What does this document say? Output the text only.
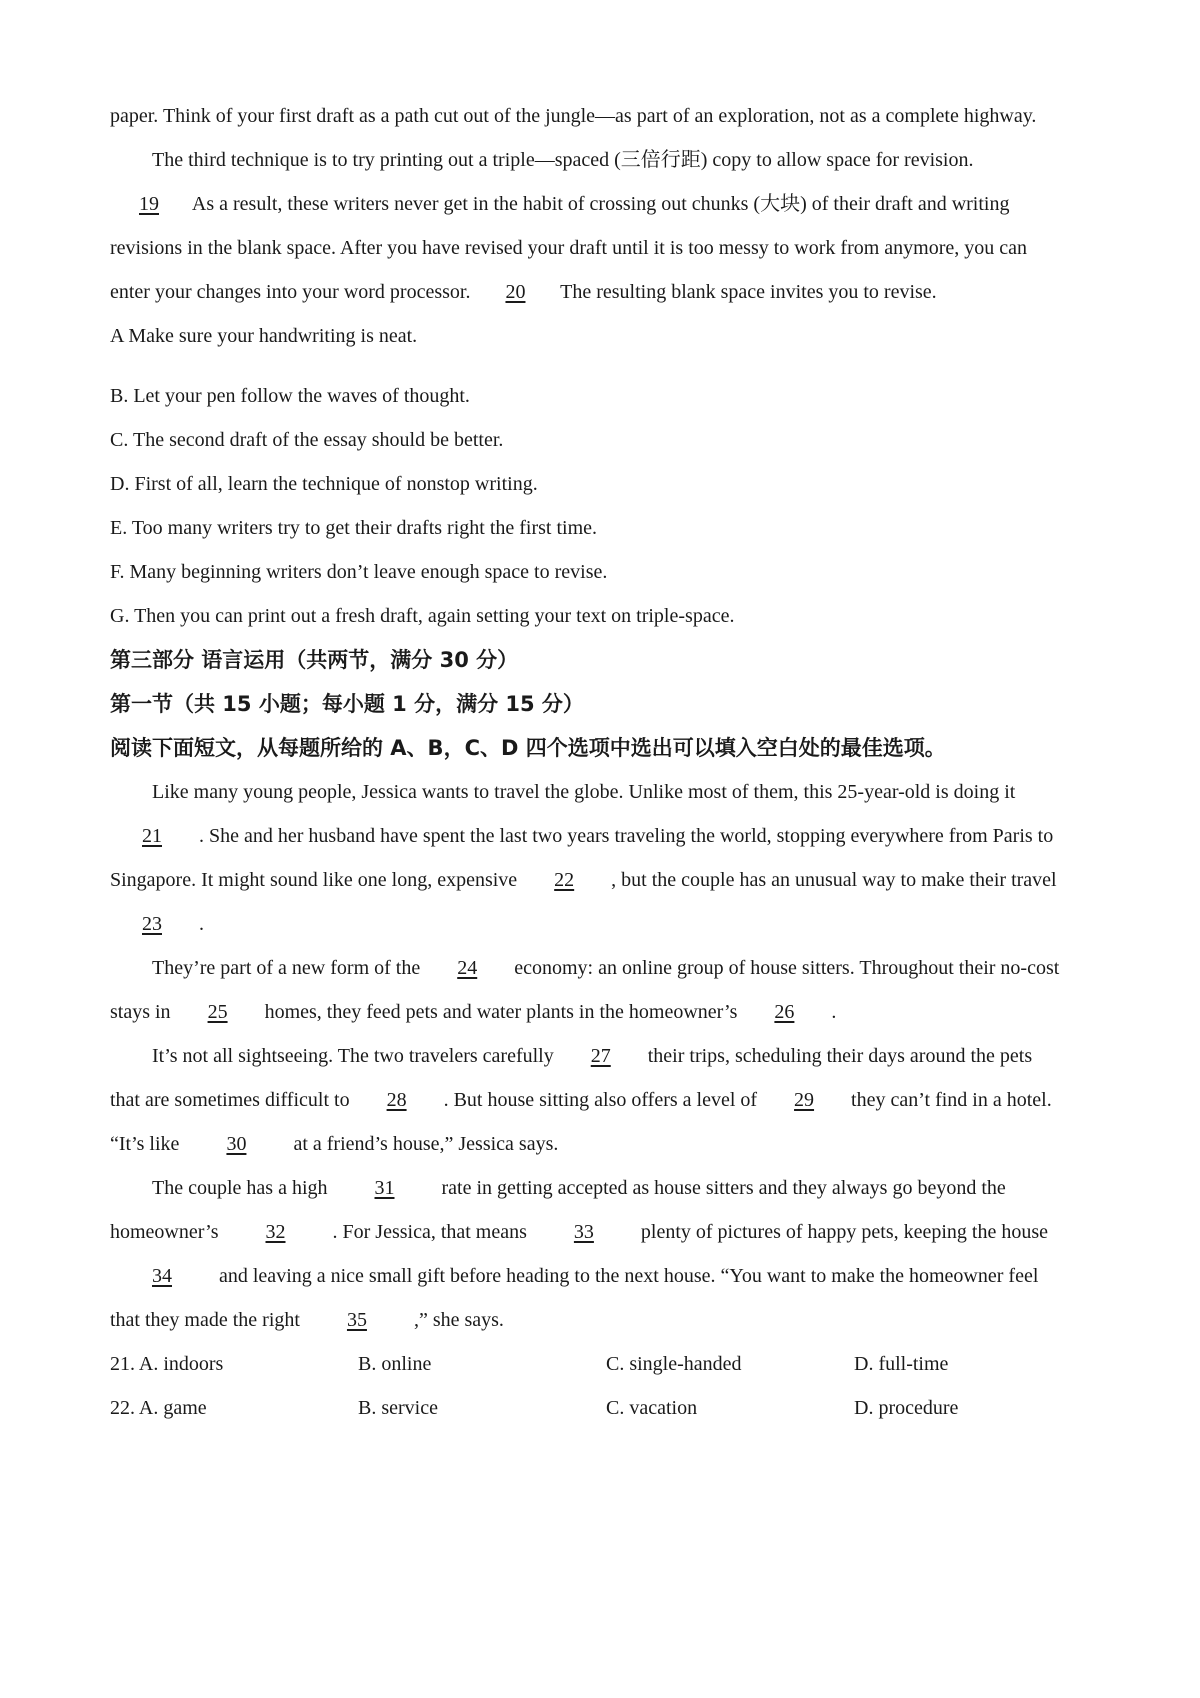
paper. Think of your first draft as a path cut out of the jungle—as part of an exploration, not as a complete highway.
The third technique is to try printing out a triple—spaced (三倍行距) copy to allow space for revision.
19 As a result, these writers never get in the habit of crossing out chunks (大块) of their draft and writing
revisions in the blank space. After you have revised your draft until it is too messy to work from anymore, you can
enter your changes into your word processor. 20 The resulting blank space invites you to revise.
A Make sure your handwriting is neat.
B. Let your pen follow the waves of thought.
C. The second draft of the essay should be better.
D. First of all, learn the technique of nonstop writing.
E. Too many writers try to get their drafts right the first time.
F. Many beginning writers don’t leave enough space to revise.
G. Then you can print out a fresh draft, again setting your text on triple-space.
第三部分 语言运用（共两节，满分 30 分）
第一节（共 15 小题；每小题 1 分，满分 15 分）
阅读下面短文，从每题所给的 A、B，C、D 四个选项中选出可以填入空白处的最佳选项。
Like many young people, Jessica wants to travel the globe. Unlike most of them, this 25-year-old is doing it
21 . She and her husband have spent the last two years traveling the world, stopping everywhere from Paris to
Singapore. It might sound like one long, expensive 22 , but the couple has an unusual way to make their travel
23 .
They’re part of a new form of the 24 economy: an online group of house sitters. Throughout their no-cost
stays in 25 homes, they feed pets and water plants in the homeowner’s 26 .
It’s not all sightseeing. The two travelers carefully 27 their trips, scheduling their days around the pets
that are sometimes difficult to 28 . But house sitting also offers a level of 29 they can’t find in a hotel.
“It’s like 30 at a friend’s house,” Jessica says.
The couple has a high 31 rate in getting accepted as house sitters and they always go beyond the
homeowner’s 32 . For Jessica, that means 33 plenty of pictures of happy pets, keeping the house
34 and leaving a nice small gift before heading to the next house. “You want to make the homeowner feel
that they made the right 35 ,” she says.
21. A. indoors	B. online	C. single-handed	D. full-time
22. A. game	B. service	C. vacation	D. procedure
